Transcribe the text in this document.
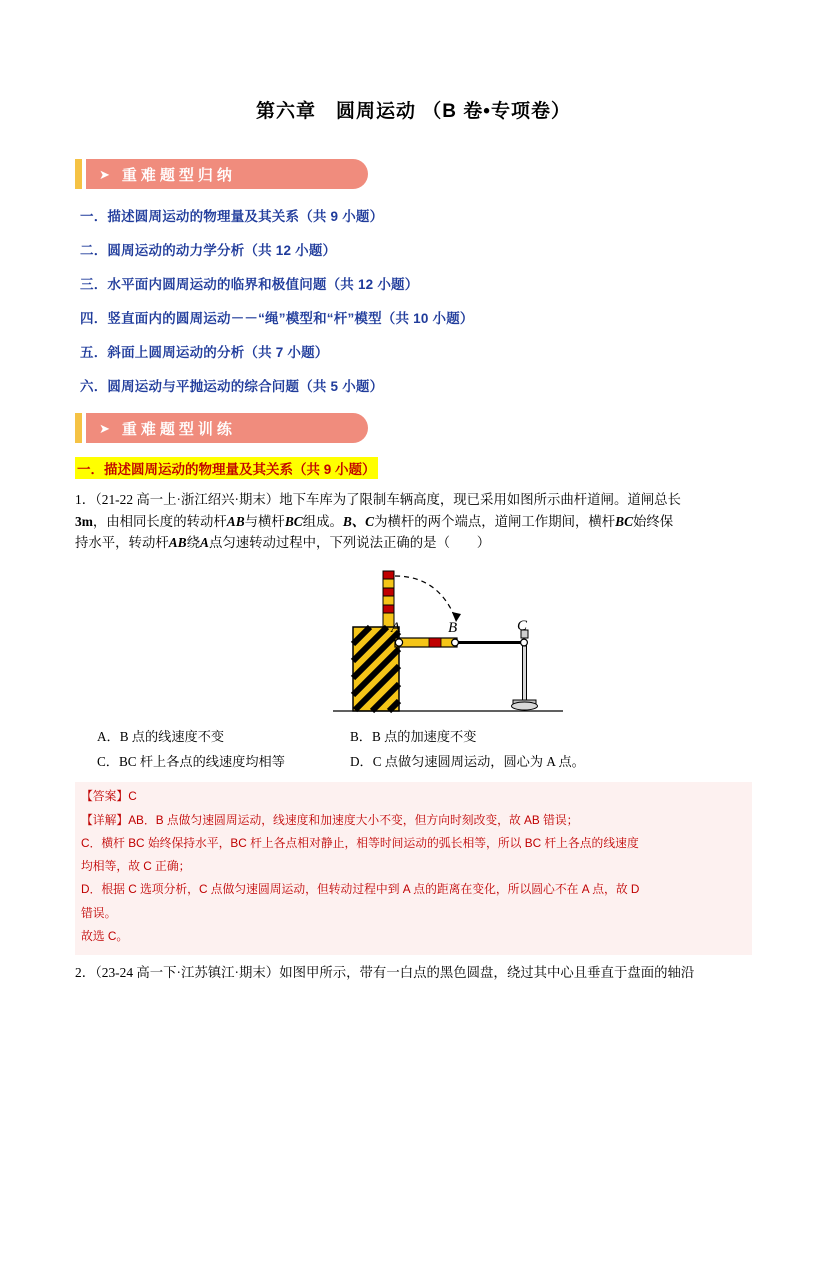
第六章　圆周运动 （B 卷•专项卷）
➤ 重难题型归纳
一．描述圆周运动的物理量及其关系（共 9 小题）
二．圆周运动的动力学分析（共 12 小题）
三．水平面内圆周运动的临界和极值问题（共 12 小题）
四．竖直面内的圆周运动－－“绳”模型和“杆”模型（共 10 小题）
五．斜面上圆周运动的分析（共 7 小题）
六．圆周运动与平抛运动的综合问题（共 5 小题）
➤ 重难题型训练
一．描述圆周运动的物理量及其关系（共 9 小题）
1．（21-22 高一上·浙江绍兴·期末）地下车库为了限制车辆高度，现已采用如图所示曲杆道闸。道闸总长
3m，由相同长度的转动杆AB与横杆BC组成。B、C为横杆的两个端点，道闸工作期间，横杆BC始终保
持水平，转动杆AB绕A点匀速转动过程中，下列说法正确的是（　　）
A	B	C
A．B 点的线速度不变	B．B 点的加速度不变
C．BC 杆上各点的线速度均相等	D．C 点做匀速圆周运动，圆心为 A 点。

【答案】C

【详解】AB．B 点做匀速圆周运动，线速度和加速度大小不变，但方向时刻改变，故 AB 错误；

C．横杆 BC 始终保持水平，BC 杆上各点相对静止，相等时间运动的弧长相等，所以 BC 杆上各点的线速度

均相等，故 C 正确；

D．根据 C 选项分析，C 点做匀速圆周运动，但转动过程中到 A 点的距离在变化，所以圆心不在 A 点，故 D

错误。

故选 C。

2．（23-24 高一下·江苏镇江·期末）如图甲所示，带有一白点的黑色圆盘，绕过其中心且垂直于盘面的轴沿
